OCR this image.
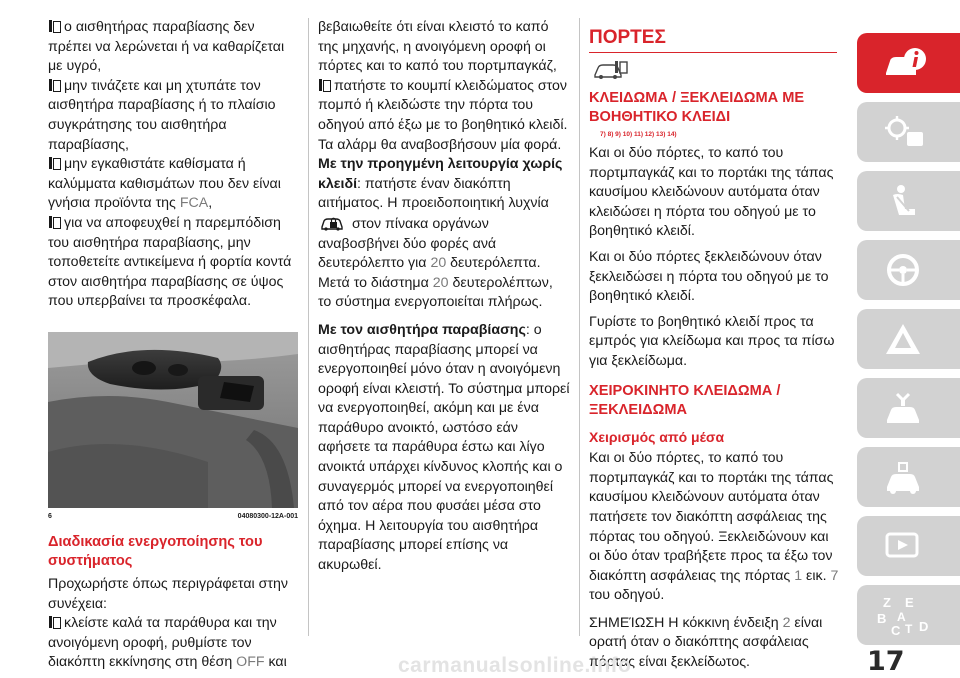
ο αισθητήρας παραβίασης δεν πρέπει να λερώνεται ή να καθαρίζεται με υγρό,

μην τινάζετε και μη χτυπάτε τον αισθητήρα παραβίασης ή το πλαίσιο συγκράτησης του αισθητήρα παραβίασης,

μην εγκαθιστάτε καθίσματα ή καλύμματα καθισμάτων που δεν είναι γνήσια προϊόντα της FCA,

για να αποφευχθεί η παρεμπόδιση του αισθητήρα παραβίασης, μην τοποθετείτε αντικείμενα ή φορτία κοντά στον αισθητήρα παραβίασης σε ύψος που υπερβαίνει τα προσκέφαλα.

6	04080300-12A-001

Διαδικασία ενεργοποίησης του συστήματος

Προχωρήστε όπως περιγράφεται στην συνέχεια:

κλείστε καλά τα παράθυρα και την ανοιγόμενη οροφή, ρυθμίστε τον διακόπτη εκκίνησης στη θέση OFF και

βεβαιωθείτε ότι είναι κλειστό το καπό της μηχανής, η ανοιγόμενη οροφή οι πόρτες και το καπό του πορτμπαγκάζ,

πατήστε το κουμπί κλειδώματος στον πομπό ή κλειδώστε την πόρτα του οδηγού από έξω με το βοηθητικό κλειδί. Τα αλάρμ θα αναβοσβήσουν μία φορά. Με την προηγμένη λειτουργία χωρίς κλειδί: πατήστε έναν διακόπτη αιτήματος. Η προειδοποιητική λυχνία  στον πίνακα οργάνων αναβοσβήνει δύο φορές ανά δευτερόλεπτο για 20 δευτερόλεπτα. Μετά το διάστημα 20 δευτερολέπτων, το σύστημα ενεργοποιείται πλήρως.

Με τον αισθητήρα παραβίασης: ο αισθητήρας παραβίασης μπορεί να ενεργοποιηθεί μόνο όταν η ανοιγόμενη οροφή είναι κλειστή. Το σύστημα μπορεί να ενεργοποιηθεί, ακόμη και με ένα παράθυρο ανοικτό, ωστόσο εάν αφήσετε τα παράθυρα έστω και λίγο ανοικτά υπάρχει κίνδυνος κλοπής και ο συναγερμός μπορεί να ενεργοποιηθεί από τον αέρα που φυσάει μέσα στο όχημα. Η λειτουργία του αισθητήρα παραβίασης μπορεί επίσης να ακυρωθεί.

ΠΟΡΤΕΣ

ΚΛΕΙΔΩΜΑ / ΞΕΚΛΕΙΔΩΜΑ ΜΕ ΒΟΗΘΗΤΙΚΟ ΚΛΕΙΔΙ

7) 8) 9) 10) 11) 12) 13) 14)

Και οι δύο πόρτες, το καπό του πορτμπαγκάζ και το πορτάκι της τάπας καυσίμου κλειδώνουν αυτόματα όταν κλειδώσει η πόρτα του οδηγού με το βοηθητικό κλειδί.

Και οι δύο πόρτες ξεκλειδώνουν όταν ξεκλειδώσει η πόρτα του οδηγού με το βοηθητικό κλειδί.

Γυρίστε το βοηθητικό κλειδί προς τα εμπρός για κλείδωμα και προς τα πίσω για ξεκλείδωμα.

ΧΕΙΡΟΚΙΝΗΤΟ ΚΛΕΙΔΩΜΑ / ΞΕΚΛΕΙΔΩΜΑ

Χειρισμός από μέσα

Και οι δύο πόρτες, το καπό του πορτμπαγκάζ και το πορτάκι της τάπας καυσίμου κλειδώνουν αυτόματα όταν πατήσετε τον διακόπτη ασφάλειας της πόρτας του οδηγού. Ξεκλειδώνουν και οι δύο όταν τραβήξετε προς τα έξω τον διακόπτη ασφάλειας της πόρτας 1 εικ. 7 του οδηγού.

ΣΗΜΕΊΩΣΗ Η κόκκινη ένδειξη 2 είναι ορατή όταν ο διακόπτης ασφάλειας πόρτας είναι ξεκλείδωτος.

Z E
B A
C T D
17
carmanualsonline.info
